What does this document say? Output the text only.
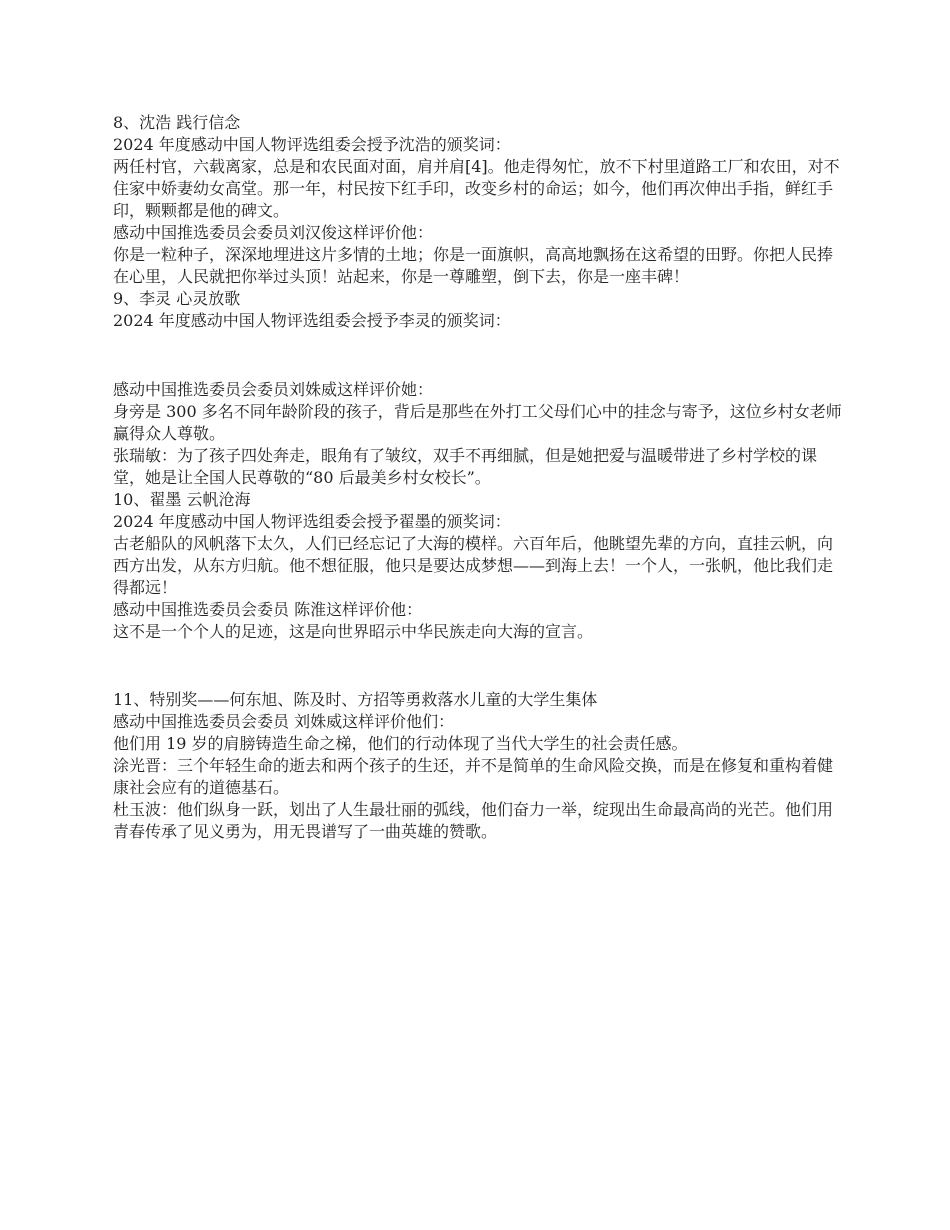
8、沈浩 践行信念

2024 年度感动中国人物评选组委会授予沈浩的颁奖词：

两任村官，六载离家，总是和农民面对面，肩并肩[4]。他走得匆忙，放不下村里道路工厂和农田，对不住家中娇妻幼女高堂。那一年，村民按下红手印，改变乡村的命运；如今，他们再次伸出手指，鲜红手印，颗颗都是他的碑文。

感动中国推选委员会委员刘汉俊这样评价他：

你是一粒种子，深深地埋进这片多情的土地；你是一面旗帜，高高地飘扬在这希望的田野。你把人民捧在心里，人民就把你举过头顶！站起来，你是一尊雕塑，倒下去，你是一座丰碑！

9、李灵 心灵放歌

2024 年度感动中国人物评选组委会授予李灵的颁奖词：

感动中国推选委员会委员刘姝威这样评价她：

身旁是 300 多名不同年龄阶段的孩子，背后是那些在外打工父母们心中的挂念与寄予，这位乡村女老师赢得众人尊敬。

张瑞敏：为了孩子四处奔走，眼角有了皱纹，双手不再细腻，但是她把爱与温暖带进了乡村学校的课堂，她是让全国人民尊敬的“80 后最美乡村女校长”。

10、翟墨 云帆沧海

2024 年度感动中国人物评选组委会授予翟墨的颁奖词：

古老船队的风帆落下太久，人们已经忘记了大海的模样。六百年后，他眺望先辈的方向，直挂云帆，向西方出发，从东方归航。他不想征服，他只是要达成梦想——到海上去！一个人，一张帆，他比我们走得都远！

感动中国推选委员会委员 陈淮这样评价他：

这不是一个个人的足迹，这是向世界昭示中华民族走向大海的宣言。

11、特别奖——何东旭、陈及时、方招等勇救落水儿童的大学生集体

感动中国推选委员会委员 刘姝威这样评价他们：

他们用 19 岁的肩膀铸造生命之梯，他们的行动体现了当代大学生的社会责任感。

涂光晋：三个年轻生命的逝去和两个孩子的生还，并不是简单的生命风险交换，而是在修复和重构着健康社会应有的道德基石。

杜玉波：他们纵身一跃，划出了人生最壮丽的弧线，他们奋力一举，绽现出生命最高尚的光芒。他们用青春传承了见义勇为，用无畏谱写了一曲英雄的赞歌。
